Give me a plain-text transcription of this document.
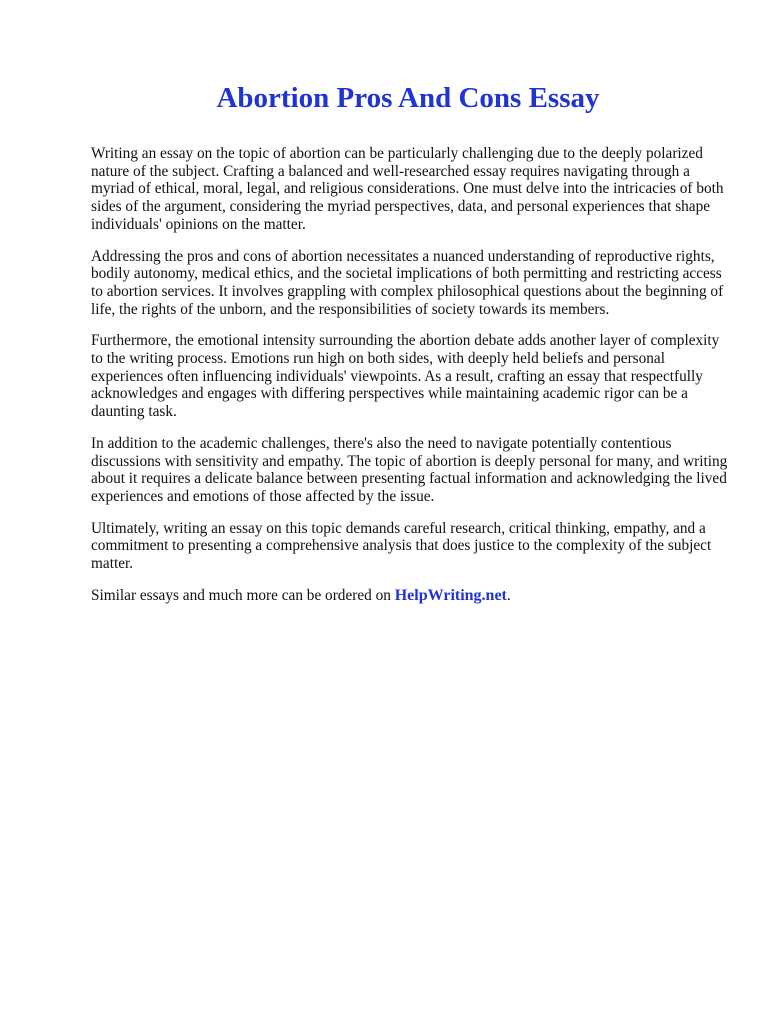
Abortion Pros And Cons Essay

Writing an essay on the topic of abortion can be particularly challenging due to the deeply polarized nature of the subject. Crafting a balanced and well-researched essay requires navigating through a myriad of ethical, moral, legal, and religious considerations. One must delve into the intricacies of both sides of the argument, considering the myriad perspectives, data, and personal experiences that shape individuals' opinions on the matter.

Addressing the pros and cons of abortion necessitates a nuanced understanding of reproductive rights, bodily autonomy, medical ethics, and the societal implications of both permitting and restricting access to abortion services. It involves grappling with complex philosophical questions about the beginning of life, the rights of the unborn, and the responsibilities of society towards its members.

Furthermore, the emotional intensity surrounding the abortion debate adds another layer of complexity to the writing process. Emotions run high on both sides, with deeply held beliefs and personal experiences often influencing individuals' viewpoints. As a result, crafting an essay that respectfully acknowledges and engages with differing perspectives while maintaining academic rigor can be a daunting task.

In addition to the academic challenges, there's also the need to navigate potentially contentious discussions with sensitivity and empathy. The topic of abortion is deeply personal for many, and writing about it requires a delicate balance between presenting factual information and acknowledging the lived experiences and emotions of those affected by the issue.

Ultimately, writing an essay on this topic demands careful research, critical thinking, empathy, and a commitment to presenting a comprehensive analysis that does justice to the complexity of the subject matter.

Similar essays and much more can be ordered on HelpWriting.net.
